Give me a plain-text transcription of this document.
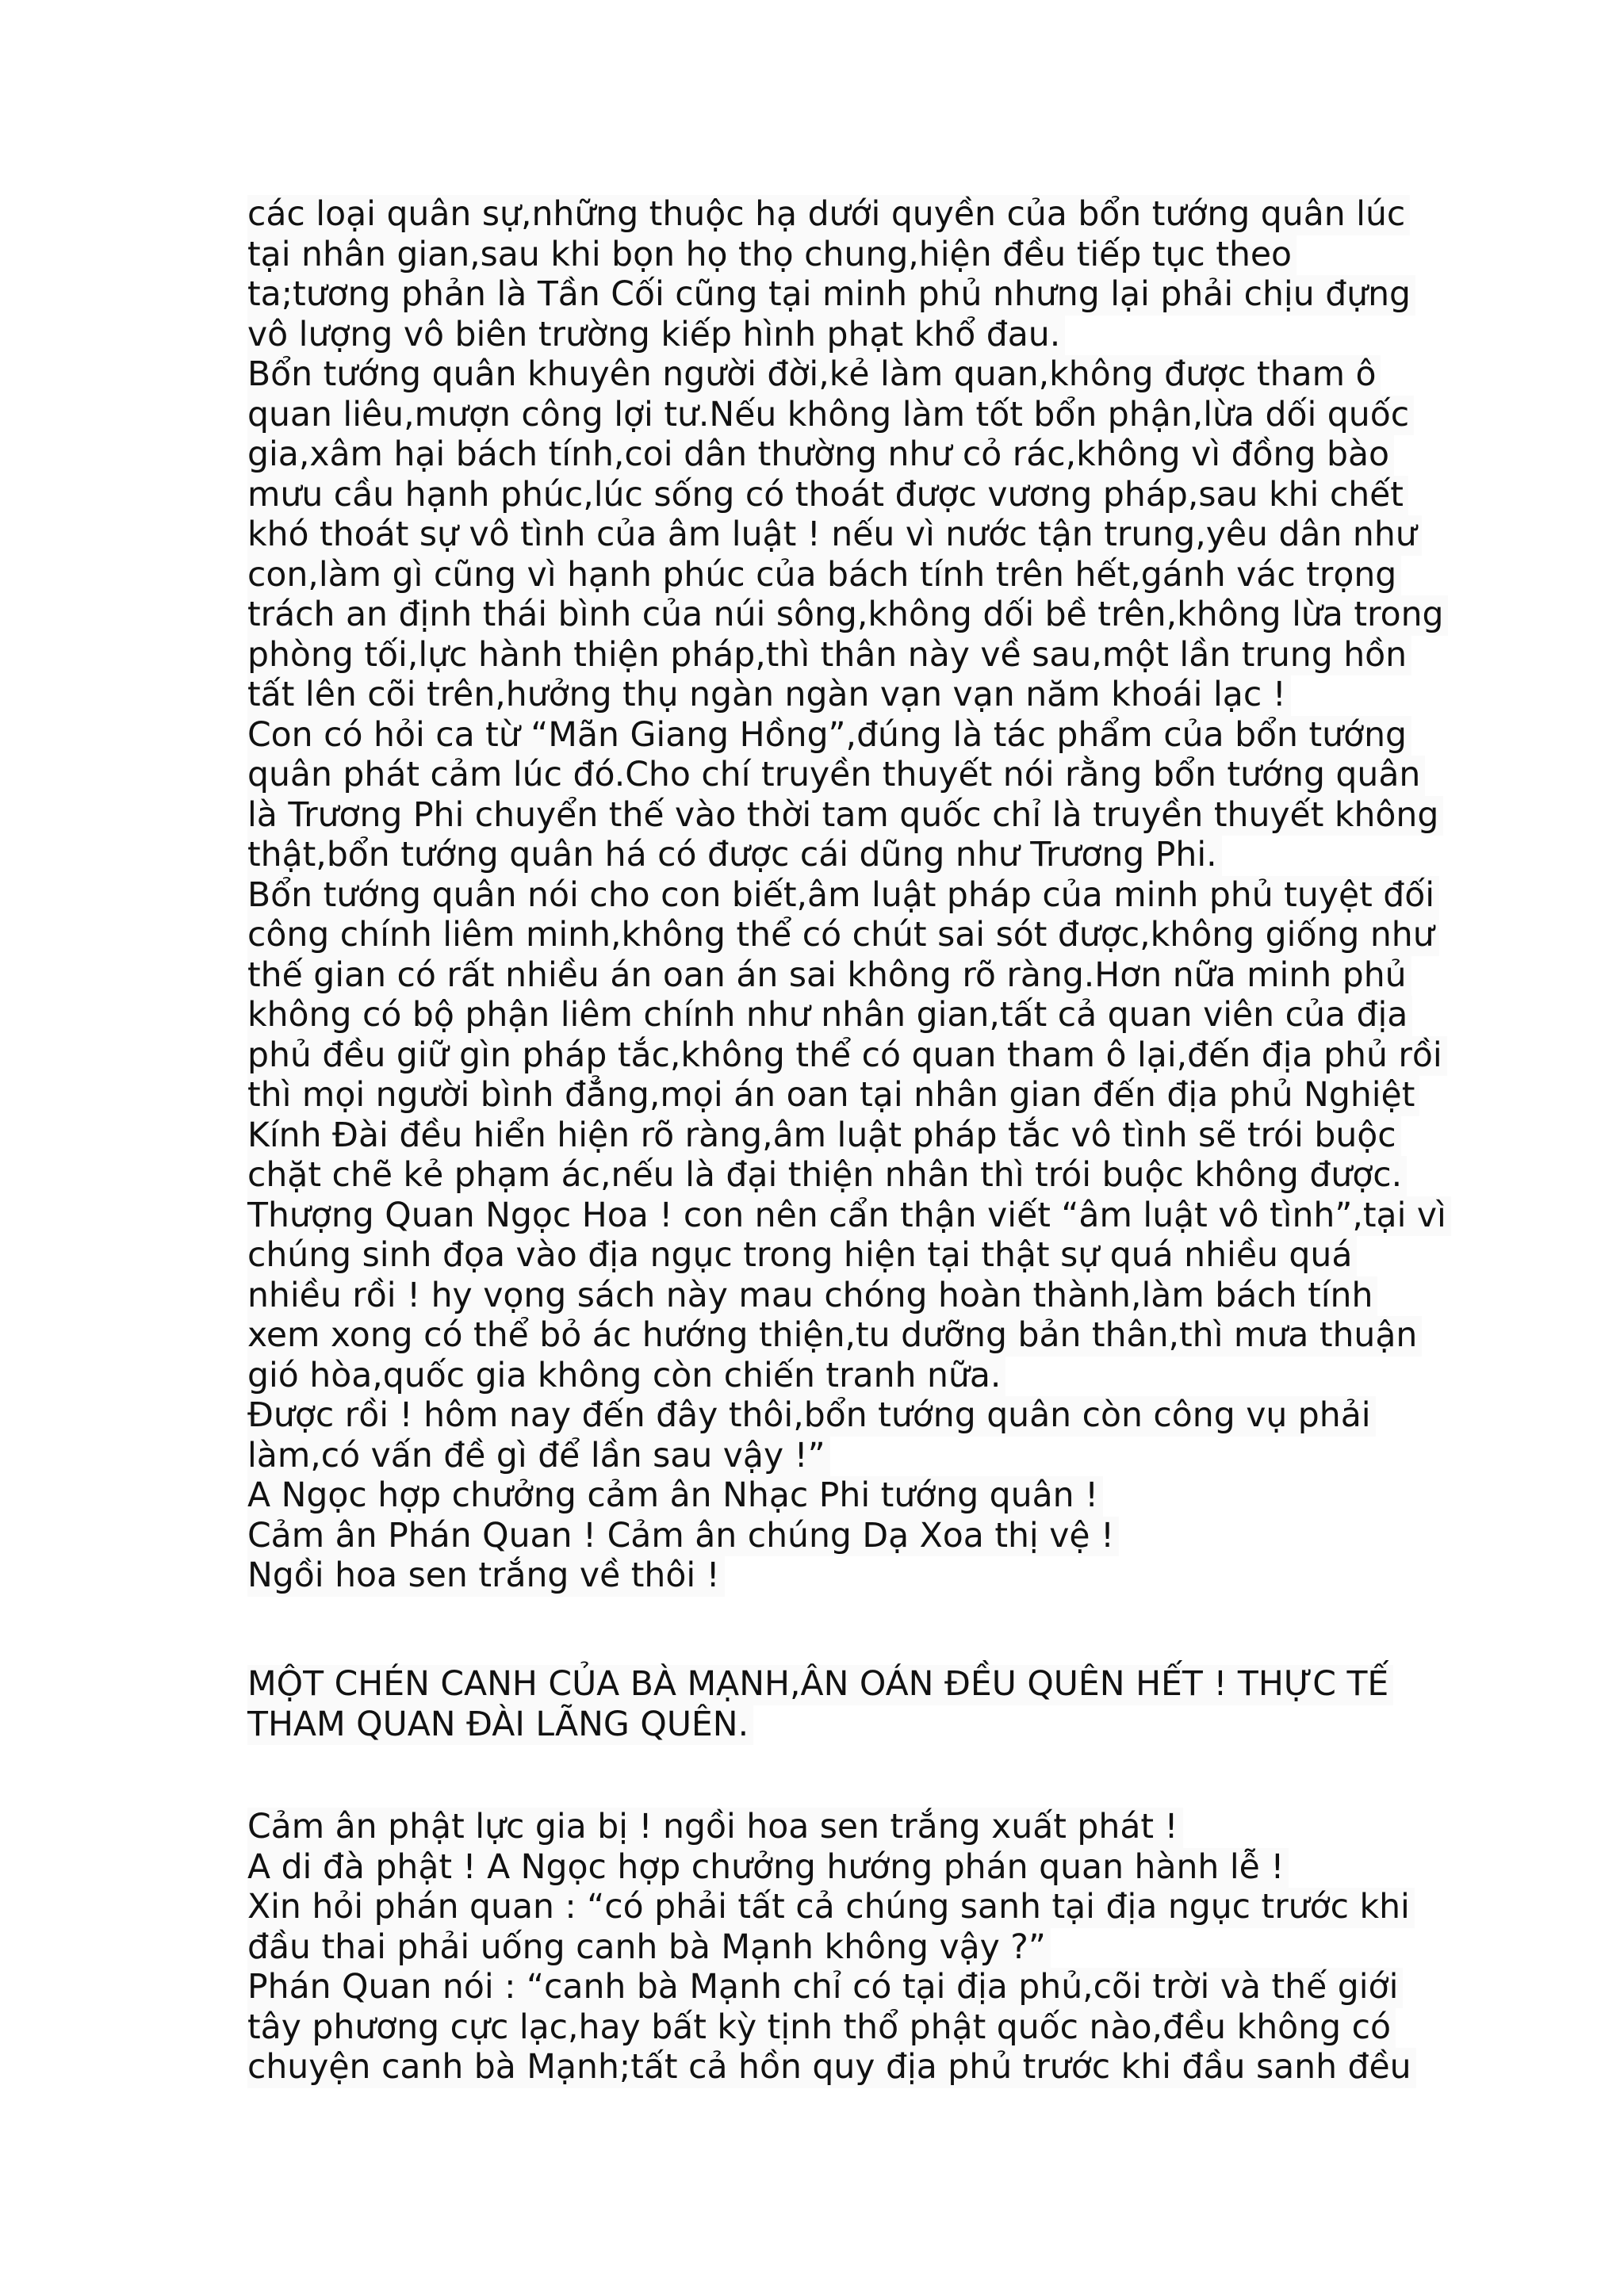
các loại quân sự,những thuộc hạ dưới quyền của bổn tướng quân lúc
tại nhân gian,sau khi bọn họ thọ chung,hiện đều tiếp tục theo
ta;tương phản là Tần Cối cũng tại minh phủ nhưng lại phải chịu đựng
vô lượng vô biên trường kiếp hình phạt khổ đau.
Bổn tướng quân khuyên người đời,kẻ làm quan,không được tham ô
quan liêu,mượn công lợi tư.Nếu không làm tốt bổn phận,lừa dối quốc
gia,xâm hại bách tính,coi dân thường như cỏ rác,không vì đồng bào
mưu cầu hạnh phúc,lúc sống có thoát được vương pháp,sau khi chết
khó thoát sự vô tình của âm luật ! nếu vì nước tận trung,yêu dân như
con,làm gì cũng vì hạnh phúc của bách tính trên hết,gánh vác trọng
trách an định thái bình của núi sông,không dối bề trên,không lừa trong
phòng tối,lực hành thiện pháp,thì thân này về sau,một lần trung hồn
tất lên cõi trên,hưởng thụ ngàn ngàn vạn vạn năm khoái lạc !
Con có hỏi ca từ “Mãn Giang Hồng”,đúng là tác phẩm của bổn tướng
quân phát cảm lúc đó.Cho chí truyền thuyết nói rằng bổn tướng quân
là Trương Phi chuyển thế vào thời tam quốc chỉ là truyền thuyết không
thật,bổn tướng quân há có được cái dũng như Trương Phi.
Bổn tướng quân nói cho con biết,âm luật pháp của minh phủ tuyệt đối
công chính liêm minh,không thể có chút sai sót được,không giống như
thế gian có rất nhiều án oan án sai không rõ ràng.Hơn nữa minh phủ
không có bộ phận liêm chính như nhân gian,tất cả quan viên của địa
phủ đều giữ gìn pháp tắc,không thể có quan tham ô lại,đến địa phủ rồi
thì mọi người bình đẳng,mọi án oan tại nhân gian đến địa phủ Nghiệt
Kính Đài đều hiển hiện rõ ràng,âm luật pháp tắc vô tình sẽ trói buộc
chặt chẽ kẻ phạm ác,nếu là đại thiện nhân thì trói buộc không được.
Thượng Quan Ngọc Hoa ! con nên cẩn thận viết “âm luật vô tình”,tại vì
chúng sinh đọa vào địa ngục trong hiện tại thật sự quá nhiều quá
nhiều rồi ! hy vọng sách này mau chóng hoàn thành,làm bách tính
xem xong có thể bỏ ác hướng thiện,tu dưỡng bản thân,thì mưa thuận
gió hòa,quốc gia không còn chiến tranh nữa.
Được rồi ! hôm nay đến đây thôi,bổn tướng quân còn công vụ phải
làm,có vấn đề gì để lần sau vậy !”
A Ngọc hợp chưởng cảm ân Nhạc Phi tướng quân !
Cảm ân Phán Quan ! Cảm ân chúng Dạ Xoa thị vệ !
Ngồi hoa sen trắng về thôi !
MỘT CHÉN CANH CỦA BÀ MẠNH,ÂN OÁN ĐỀU QUÊN HẾT ! THỰC TẾ
THAM QUAN ĐÀI LÃNG QUÊN.
Cảm ân phật lực gia bị ! ngồi hoa sen trắng xuất phát !
A di đà phật ! A Ngọc hợp chưởng hướng phán quan hành lễ !
Xin hỏi phán quan : “có phải tất cả chúng sanh tại địa ngục trước khi
đầu thai phải uống canh bà Mạnh không vậy ?”
Phán Quan nói : “canh bà Mạnh chỉ có tại địa phủ,cõi trời và thế giới
tây phương cực lạc,hay bất kỳ tịnh thổ phật quốc nào,đều không có
chuyện canh bà Mạnh;tất cả hồn quy địa phủ trước khi đầu sanh đều
